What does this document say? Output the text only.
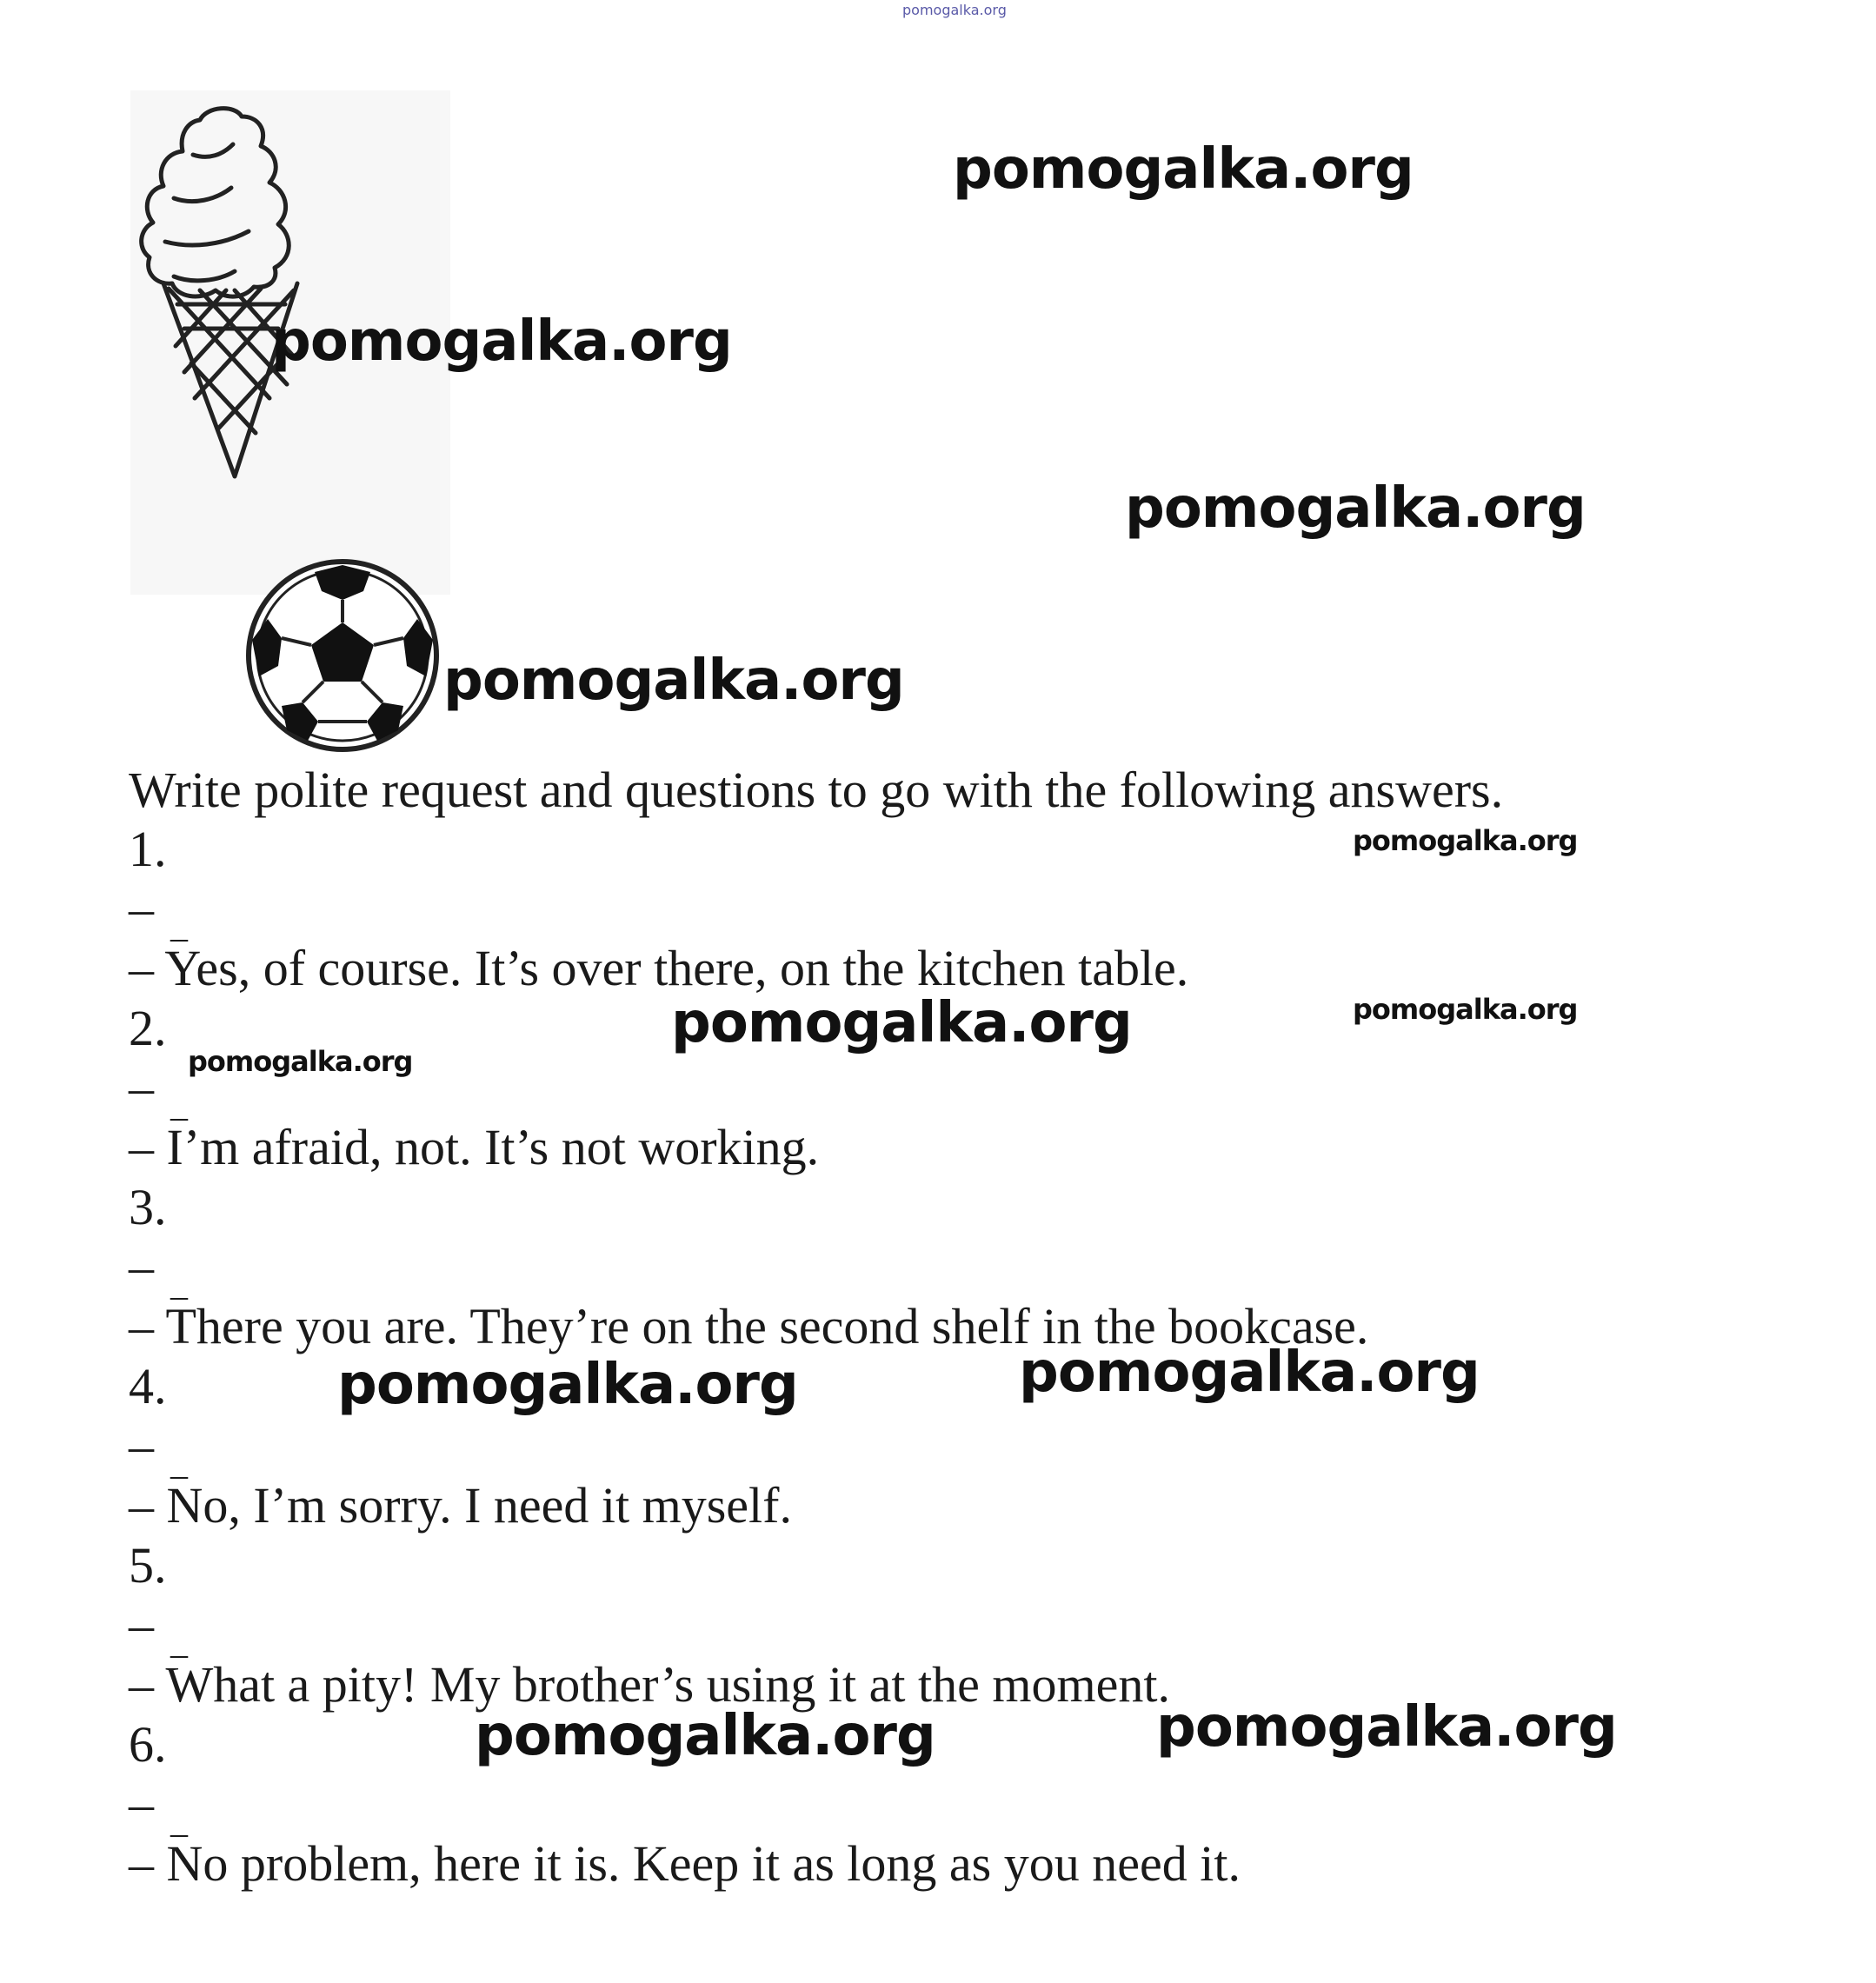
pomogalka.org
pomogalka.org
pomogalka.org
pomogalka.org
pomogalka.org
pomogalka.org
pomogalka.org	pomogalka.org
pomogalka.org	pomogalka.org
pomogalka.org
pomogalka.org
pomogalka.org

Write polite request and questions to go with the following answers.

1.
– _
– Yes, of course. It’s over there, on the kitchen table.
2.
– _
– I’m afraid, not. It’s not working.
3.
– _
– There you are. They’re on the second shelf in the bookcase.
4.
– _
– No, I’m sorry. I need it myself.
5.
– _
– What a pity! My brother’s using it at the moment.
6.
– _
– No problem, here it is. Keep it as long as you need it.
